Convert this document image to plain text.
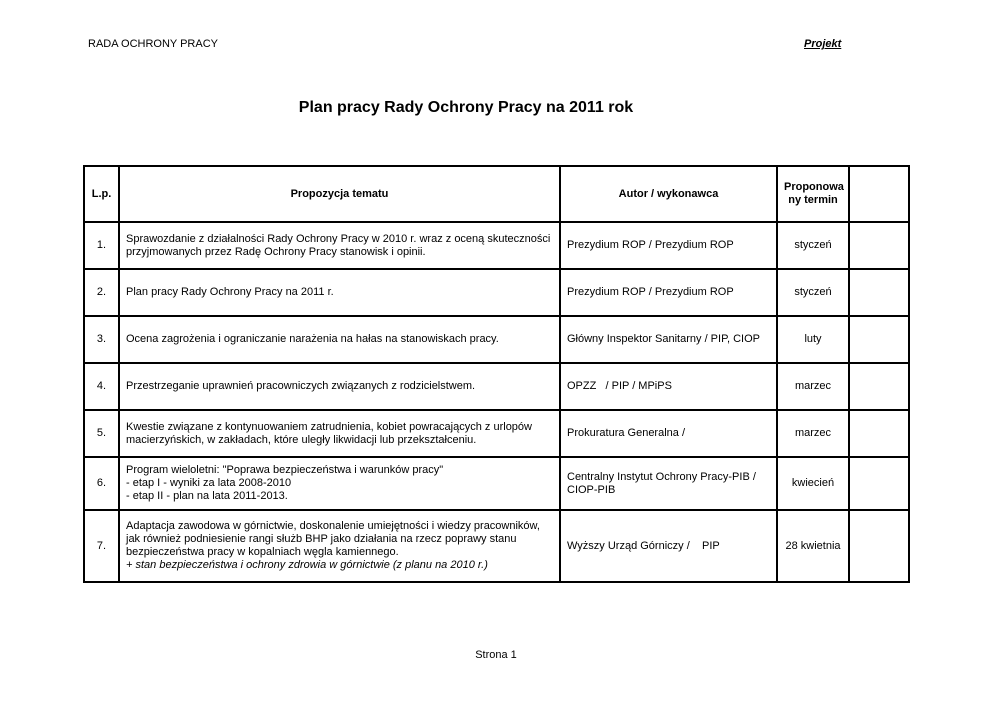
RADA OCHRONY PRACY	Projekt
Plan pracy Rady Ochrony Pracy na 2011 rok
L.p.	Propozycja tematu	Autor / wykonawca	Proponowa ny termin	
1.	Sprawozdanie z działalności Rady Ochrony Pracy w 2010 r. wraz z oceną skuteczności przyjmowanych przez Radę Ochrony Pracy stanowisk i opinii.	Prezydium ROP / Prezydium ROP	styczeń	
2.	Plan pracy Rady Ochrony Pracy na 2011 r.	Prezydium ROP / Prezydium ROP	styczeń	
3.	Ocena zagrożenia i ograniczanie narażenia na hałas na stanowiskach pracy.	Główny Inspektor Sanitarny / PIP, CIOP	luty	
4.	Przestrzeganie uprawnień pracowniczych związanych z rodzicielstwem.	OPZZ   / PIP / MPiPS	marzec	
5.	Kwestie związane z kontynuowaniem zatrudnienia, kobiet powracających z urlopów macierzyńskich, w zakładach, które uległy likwidacji lub przekształceniu.	Prokuratura Generalna /	marzec	
6.	Program wieloletni: "Poprawa bezpieczeństwa i warunków pracy"
- etap I - wyniki za lata 2008-2010
- etap II - plan na lata 2011-2013.	Centralny Instytut Ochrony Pracy-PIB / CIOP-PIB	kwiecień	
7.	Adaptacja zawodowa w górnictwie, doskonalenie umiejętności i wiedzy pracowników, jak również podniesienie rangi służb BHP jako działania na rzecz poprawy stanu bezpieczeństwa pracy w kopalniach węgla kamiennego.
+ stan bezpieczeństwa i ochrony zdrowia w górnictwie (z planu na 2010 r.)	Wyższy Urząd Górniczy /    PIP	28 kwietnia	
Strona 1
